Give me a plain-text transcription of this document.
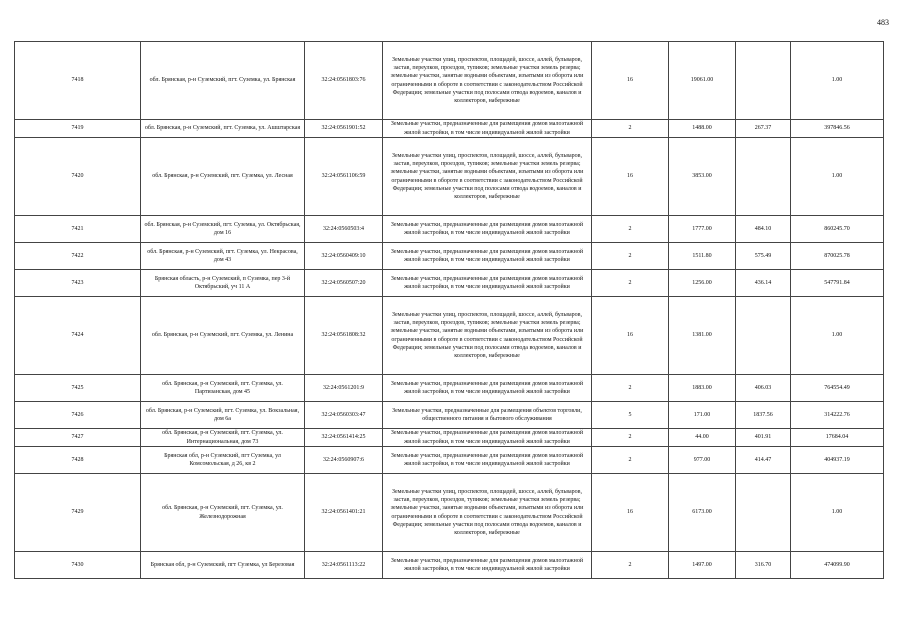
483
7418	обл. Брянская, р-н Суземский, пгт. Суземка, ул. Брянская	32:24:0561803:76	Земельные участки улиц, проспектов, площадей, шоссе, аллей, бульваров, застав, переулков, проездов, тупиков; земельные участки земель резерва; земельные участки, занятые водными объектами, изъятыми из оборота или ограниченными в обороте в соответствии с законодательством Российской Федерации; земельные участки под полосами отвода водоемов, каналов и коллекторов, набережные	16	19061.00		1.00
7419	обл. Брянская, р-н Суземский, пгт. Суземка, ул. Ашштарская	32:24:0561901:52	Земельные участки, предназначенные для размещения домов малоэтажной жилой застройки, в том числе индивидуальной жилой застройки	2	1488.00	267.37	397846.56
7420	обл. Брянская, р-н Суземский, пгт. Суземка, ул. Лесная	32:24:0561106:59	Земельные участки улиц, проспектов, площадей, шоссе, аллей, бульваров, застав, переулков, проездов, тупиков; земельные участки земель резерва; земельные участки, занятые водными объектами, изъятыми из оборота или ограниченными в обороте в соответствии с законодательством Российской Федерации; земельные участки под полосами отвода водоемов, каналов и коллекторов, набережные	16	3853.00		1.00
7421	обл. Брянская, р-н Суземский, пгт. Суземка, ул. Октябрьская, дом 16	32:24:0560503:4	Земельные участки, предназначенные для размещения домов малоэтажной жилой застройки, в том числе индивидуальной жилой застройки	2	1777.00	484.10	860245.70
7422	обл. Брянская, р-н Суземский, пгт. Суземка, ул. Некрасова, дом 43	32:24:0560409:10	Земельные участки, предназначенные для размещения домов малоэтажной жилой застройки, в том числе индивидуальной жилой застройки	2	1511.80	575.49	870025.78
7423	Брянская область, р-н Суземский, п Суземка, пер 3-й Октябрьский, уч 11 А	32:24:0560507:20	Земельные участки, предназначенные для размещения домов малоэтажной жилой застройки, в том числе индивидуальной жилой застройки	2	1256.00	436.14	547791.84
7424	обл. Брянская, р-н Суземский, пгт. Суземка, ул. Ленина	32:24:0561808:32	Земельные участки улиц, проспектов, площадей, шоссе, аллей, бульваров, застав, переулков, проездов, тупиков; земельные участки земель резерва; земельные участки, занятые водными объектами, изъятыми из оборота или ограниченными в обороте в соответствии с законодательством Российской Федерации; земельные участки под полосами отвода водоемов, каналов и коллекторов, набережные	16	1381.00		1.00
7425	обл. Брянская, р-н Суземский, пгт. Суземка, ул. Партизанская, дом 45	32:24:0561201:9	Земельные участки, предназначенные для размещения домов малоэтажной жилой застройки, в том числе индивидуальной жилой застройки	2	1883.00	406.03	764554.49
7426	обл. Брянская, р-н Суземский, пгт. Суземка, ул. Вокзальная, дом 6а	32:24:0560303:47	Земельные участки, предназначенные для размещения объектов торговли, общественного питания и бытового обслуживания	5	171.00	1837.56	314222.76
7427	обл. Брянская, р-н Суземский, пгт. Суземка, ул. Интернациональная, дом 73	32:24:0561414:25	Земельные участки, предназначенные для размещения домов малоэтажной жилой застройки, в том числе индивидуальной жилой застройки	2	44.00	401.91	17684.04
7428	Брянская обл, р-н Суземский, пгт Суземка, ул Комсомольская, д 26, кв 2	32:24:0560907:6	Земельные участки, предназначенные для размещения домов малоэтажной жилой застройки, в том числе индивидуальной жилой застройки	2	977.00	414.47	404937.19
7429	обл. Брянская, р-н Суземский, пгт. Суземка, ул. Железнодорожная	32:24:0561401:21	Земельные участки улиц, проспектов, площадей, шоссе, аллей, бульваров, застав, переулков, проездов, тупиков; земельные участки земель резерва; земельные участки, занятые водными объектами, изъятыми из оборота или ограниченными в обороте в соответствии с законодательством Российской Федерации; земельные участки под полосами отвода водоемов, каналов и коллекторов, набережные	16	6173.00		1.00
7430	Брянская обл, р-н Суземский, пгт Суземка, ул Березовая	32:24:0561113:22	Земельные участки, предназначенные для размещения домов малоэтажной жилой застройки, в том числе индивидуальной жилой застройки	2	1497.00	316.70	474099.90
